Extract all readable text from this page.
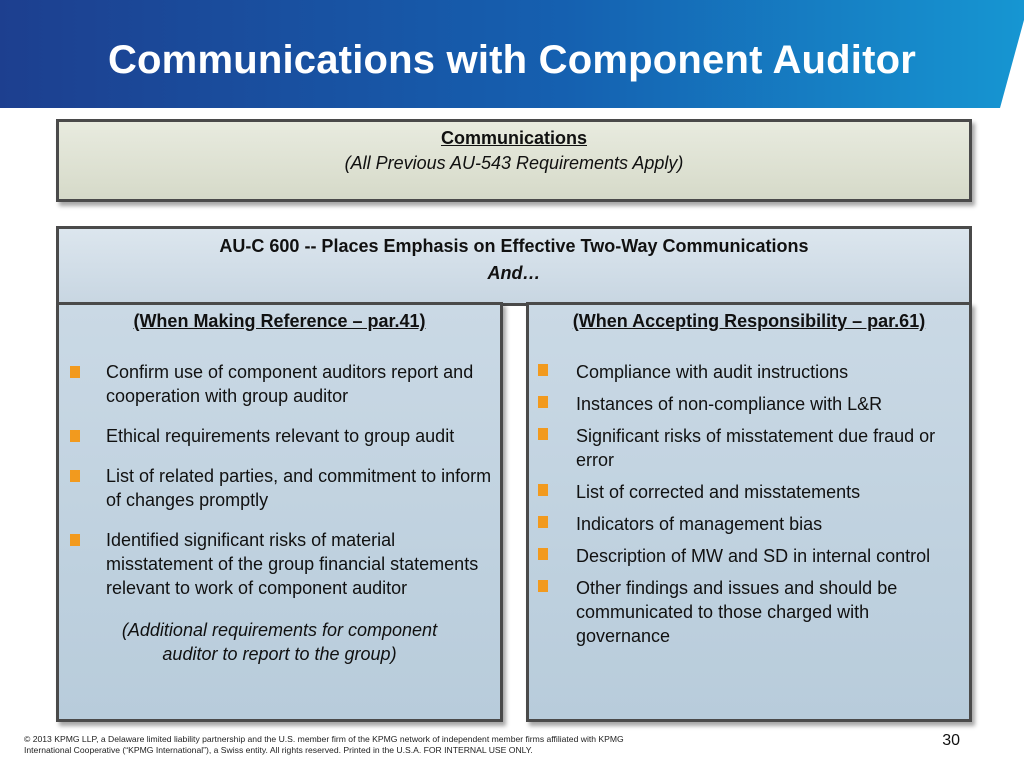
Communications with Component Auditor
Communications
(All Previous AU-543 Requirements Apply)
AU-C 600 -- Places Emphasis on Effective Two-Way Communications
And…
(When Making Reference – par.41)
Confirm use of component auditors report and cooperation with group auditor
Ethical requirements relevant to group audit
List of related parties, and commitment to inform of changes promptly
Identified significant risks of material misstatement of the group financial statements relevant to work of component auditor
(Additional requirements for component auditor to report to the group)
(When Accepting Responsibility – par.61)
Compliance with audit instructions
Instances of non-compliance with L&R
Significant risks of misstatement due fraud or error
List of corrected and misstatements
Indicators of management bias
Description of MW and SD in internal control
Other findings and issues and should be communicated to those charged with governance
© 2013 KPMG LLP, a Delaware limited liability partnership and the U.S. member firm of the KPMG network of independent member firms affiliated with KPMG International Cooperative (“KPMG International”), a Swiss entity. All rights reserved. Printed in the U.S.A. FOR INTERNAL USE ONLY.
30
